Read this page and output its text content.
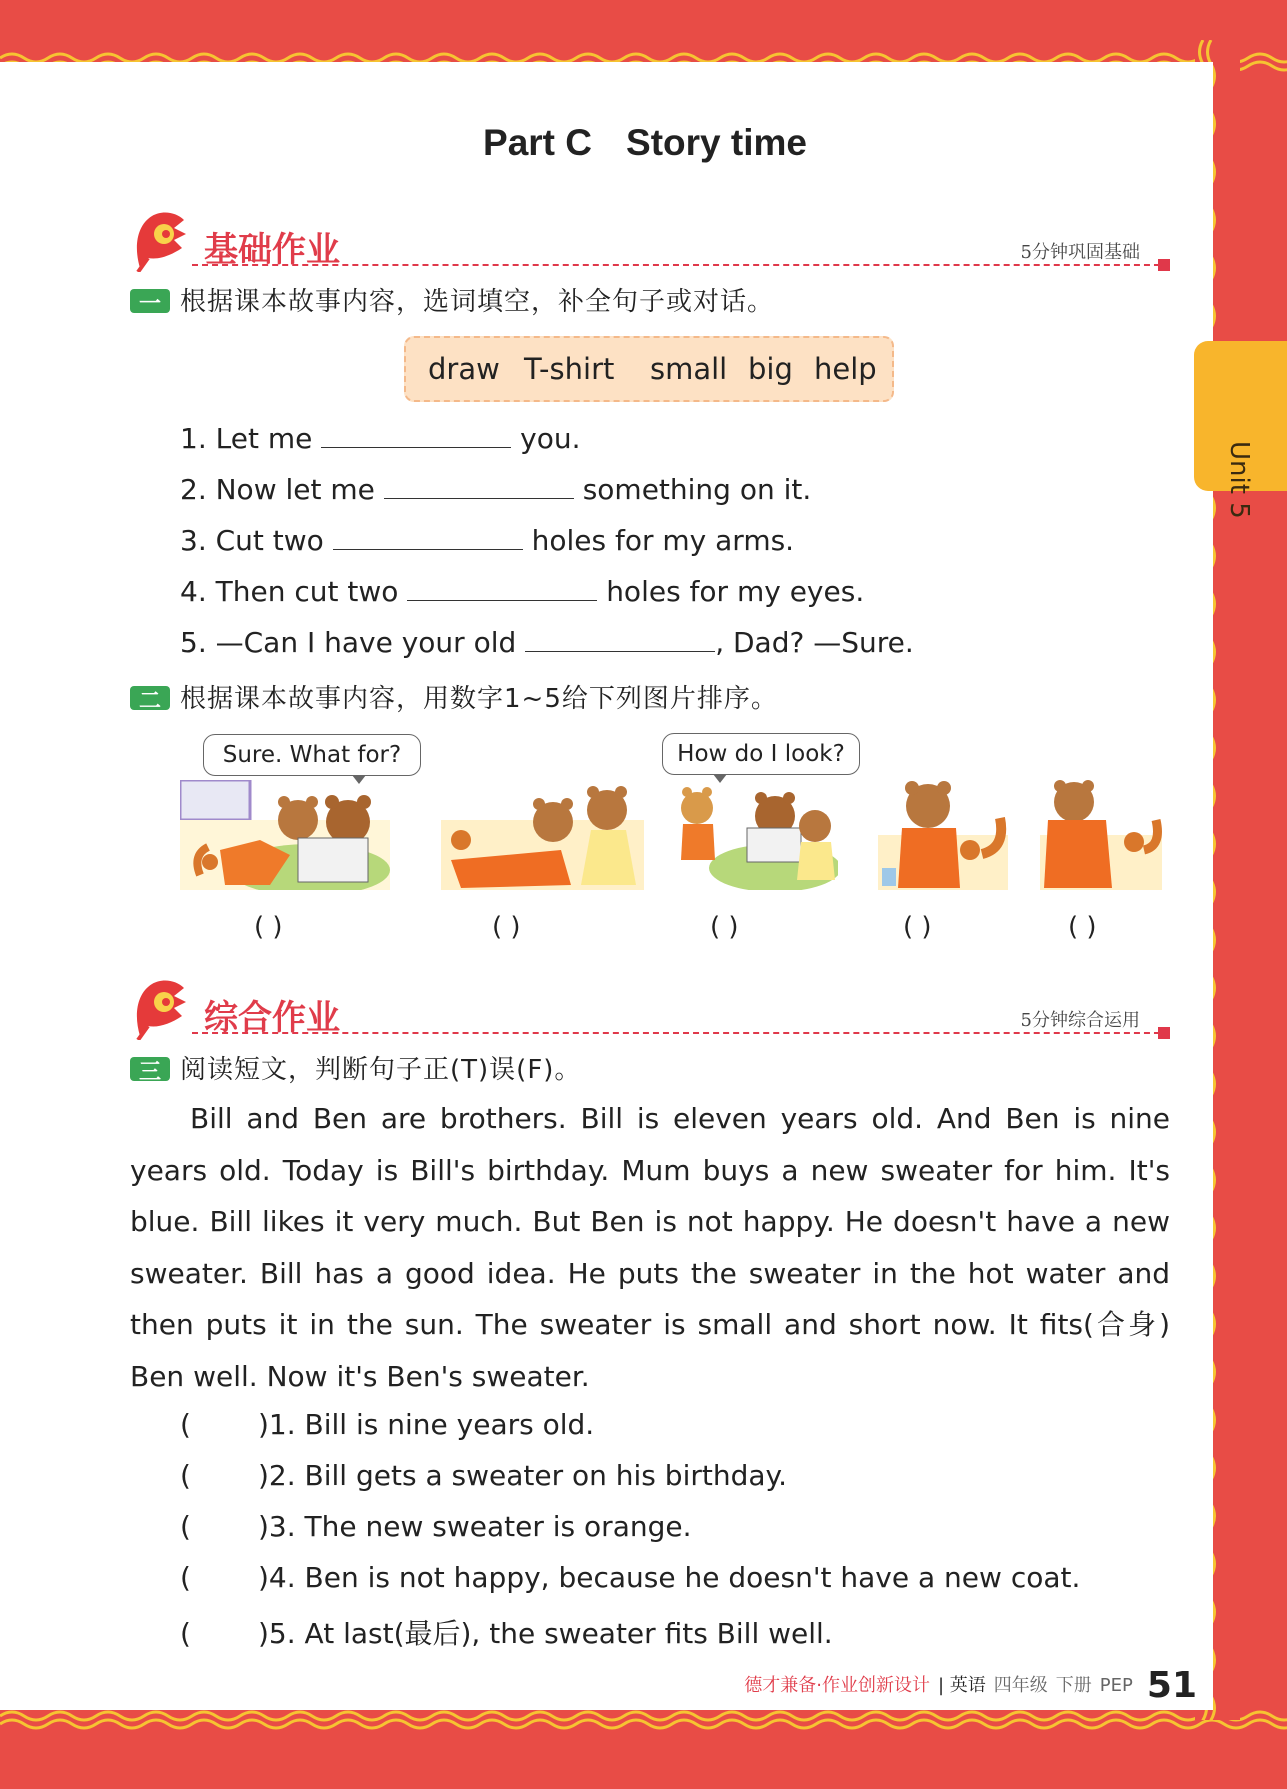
Unit 5
Part C Story time
基础作业	5分钟巩固基础
一 根据课本故事内容，选词填空，补全句子或对话。
draw T-shirt small big help
1. Let me	you.
2. Now let me	something on it.
3. Cut two	holes for my arms.
4. Then cut two	holes for my eyes.
5. —Can I have your old	, Dad? —Sure.
二 根据课本故事内容，用数字1~5给下列图片排序。
Sure. What for?	How do I look?
( )	( )	( )	( )	( )
综合作业	5分钟综合运用
三 阅读短文，判断句子正(T)误(F)。
Bill and Ben are brothers. Bill is eleven years old. And Ben is nine years old. Today is Bill's birthday. Mum buys a new sweater for him. It's blue. Bill likes it very much. But Ben is not happy. He doesn't have a new sweater. Bill has a good idea. He puts the sweater in the hot water and then puts it in the sun. The sweater is small and short now. It fits(合身) Ben well. Now it's Ben's sweater.
( )1. Bill is nine years old.
( )2. Bill gets a sweater on his birthday.
( )3. The new sweater is orange.
( )4. Ben is not happy, because he doesn't have a new coat.
( )5. At last(最后), the sweater fits Bill well.
德才兼备·作业创新设计 | 英语 四年级 下册 PEP 51
